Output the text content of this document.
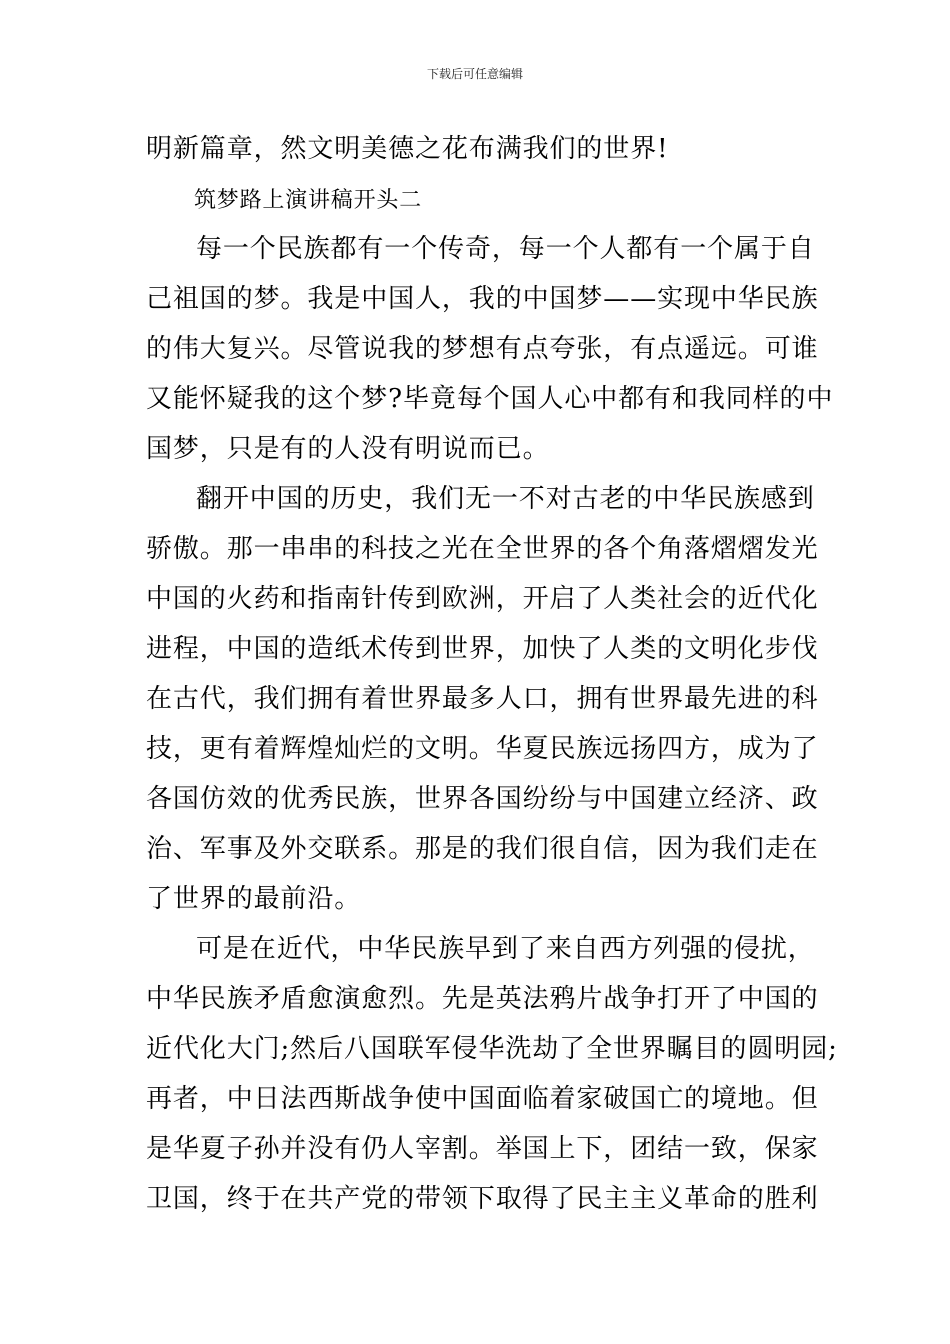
下载后可任意编辑
明新篇章，然文明美德之花布满我们的世界!
筑梦路上演讲稿开头二
每一个民族都有一个传奇，每一个人都有一个属于自
己祖国的梦。我是中国人，我的中国梦——实现中华民族
的伟大复兴。尽管说我的梦想有点夸张，有点遥远。可谁
又能怀疑我的这个梦?毕竟每个国人心中都有和我同样的中
国梦，只是有的人没有明说而已。
翻开中国的历史，我们无一不对古老的中华民族感到
骄傲。那一串串的科技之光在全世界的各个角落熠熠发光
中国的火药和指南针传到欧洲，开启了人类社会的近代化
进程，中国的造纸术传到世界，加快了人类的文明化步伐
在古代，我们拥有着世界最多人口，拥有世界最先进的科
技，更有着辉煌灿烂的文明。华夏民族远扬四方，成为了
各国仿效的优秀民族，世界各国纷纷与中国建立经济、政
治、军事及外交联系。那是的我们很自信，因为我们走在
了世界的最前沿。
可是在近代，中华民族早到了来自西方列强的侵扰，
中华民族矛盾愈演愈烈。先是英法鸦片战争打开了中国的
近代化大门;然后八国联军侵华洗劫了全世界瞩目的圆明园;
再者，中日法西斯战争使中国面临着家破国亡的境地。但
是华夏子孙并没有仍人宰割。举国上下，团结一致，保家
卫国，终于在共产党的带领下取得了民主主义革命的胜利
